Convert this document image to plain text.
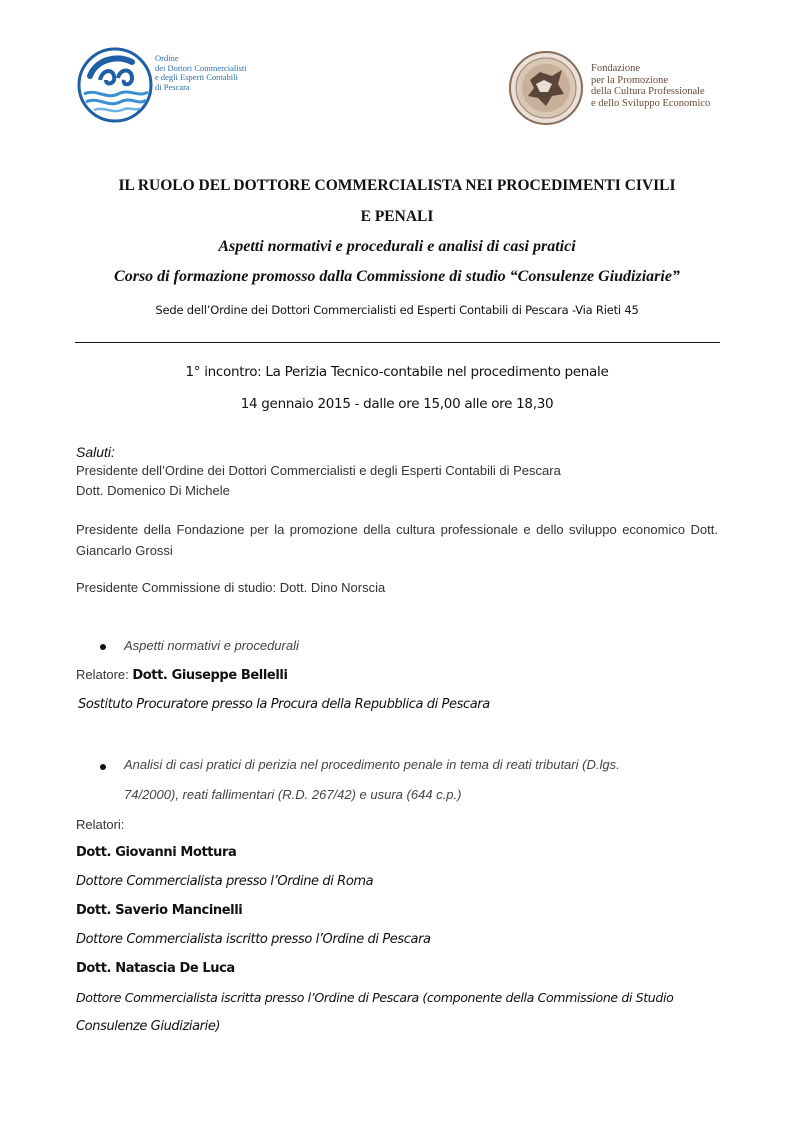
Ordine
dei Dottori Commercialisti
e degli Esperti Contabili
di Pescara
Fondazione
per la Promozione
della Cultura Professionale
e dello Sviluppo Economico
IL RUOLO DEL DOTTORE COMMERCIALISTA NEI PROCEDIMENTI CIVILI
E PENALI
Aspetti normativi e procedurali e analisi di casi pratici
Corso di formazione promosso dalla Commissione di studio “Consulenze Giudiziarie”
Sede dell’Ordine dei Dottori Commercialisti ed Esperti Contabili di Pescara -Via Rieti 45
1° incontro: La Perizia Tecnico-contabile nel procedimento penale
14 gennaio 2015 - dalle ore 15,00 alle ore 18,30
Saluti:
Presidente dell’Ordine dei Dottori Commercialisti e degli Esperti Contabili di Pescara
Dott. Domenico Di Michele
Presidente della Fondazione per la promozione della cultura professionale e dello sviluppo economico Dott. Giancarlo Grossi
Presidente Commissione di studio: Dott. Dino Norscia
Aspetti normativi e procedurali
Relatore: Dott. Giuseppe Bellelli
Sostituto Procuratore presso la Procura della Repubblica di Pescara
Analisi di casi pratici di perizia nel procedimento penale in tema di reati tributari (D.lgs.
74/2000), reati fallimentari (R.D. 267/42) e usura (644 c.p.)
Relatori:
Dott. Giovanni Mottura
Dottore Commercialista presso l’Ordine di Roma
Dott. Saverio Mancinelli
Dottore Commercialista iscritto presso l’Ordine di Pescara
Dott. Natascia De Luca
Dottore Commercialista iscritta presso l’Ordine di Pescara (componente della Commissione di Studio
Consulenze Giudiziarie)
